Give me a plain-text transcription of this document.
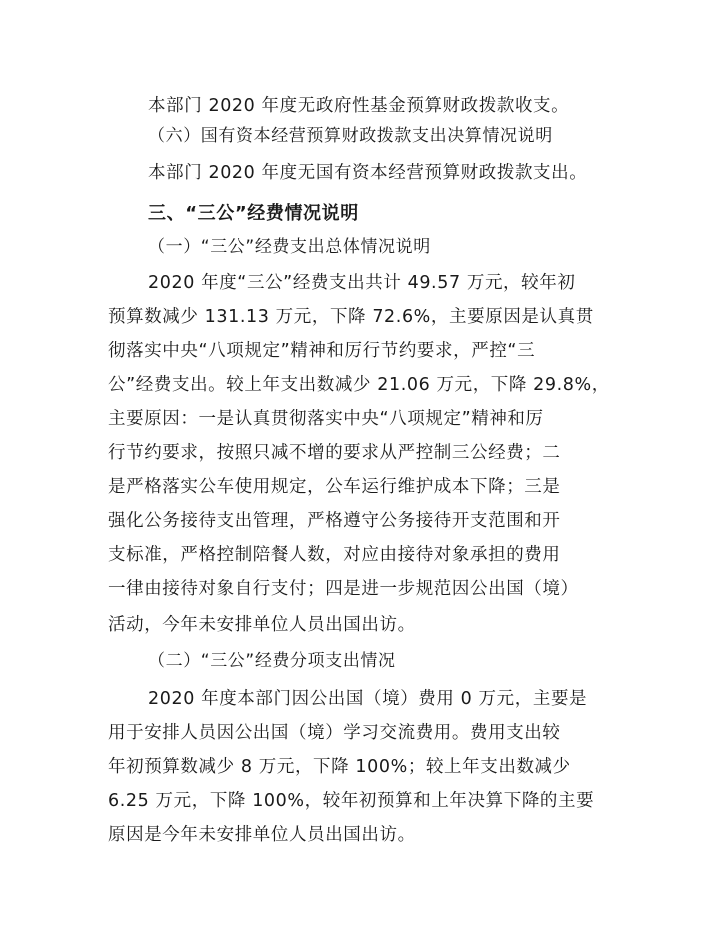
本部门 2020 年度无政府性基金预算财政拨款收支。
（六）国有资本经营预算财政拨款支出决算情况说明
本部门 2020 年度无国有资本经营预算财政拨款支出。
三、“三公”经费情况说明
（一）“三公”经费支出总体情况说明
2020 年度“三公”经费支出共计 49.57 万元，较年初
预算数减少 131.13 万元，下降 72.6%，主要原因是认真贯
彻落实中央“八项规定”精神和厉行节约要求，严控“三
公”经费支出。较上年支出数减少 21.06 万元，下降 29.8%，
主要原因：一是认真贯彻落实中央“八项规定”精神和厉
行节约要求，按照只减不增的要求从严控制三公经费；二
是严格落实公车使用规定，公车运行维护成本下降；三是
强化公务接待支出管理，严格遵守公务接待开支范围和开
支标准，严格控制陪餐人数，对应由接待对象承担的费用
一律由接待对象自行支付；四是进一步规范因公出国（境）
活动，今年未安排单位人员出国出访。
（二）“三公”经费分项支出情况
2020 年度本部门因公出国（境）费用 0 万元，主要是
用于安排人员因公出国（境）学习交流费用。费用支出较
年初预算数减少 8 万元，下降 100%；较上年支出数减少
6.25 万元，下降 100%，较年初预算和上年决算下降的主要
原因是今年未安排单位人员出国出访。
